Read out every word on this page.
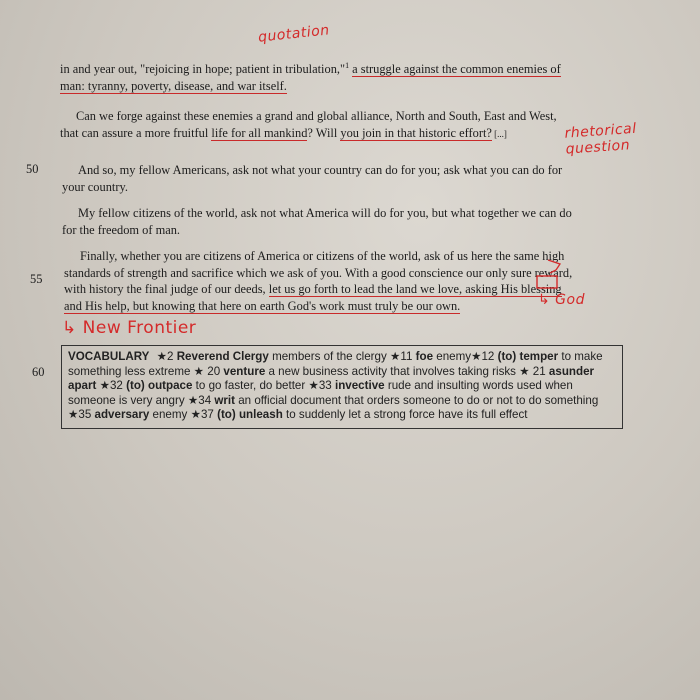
quotation
in and year out, "rejoicing in hope; patient in tribulation,"$^1$ a struggle against the common enemies of
man: tyranny, poverty, disease, and war itself.
Can we forge against these enemies a grand and global alliance, North and South, East and West,
that can assure a more fruitful life for all mankind? Will you join in that historic effort? [...]	rhetorical question
50	And so, my fellow Americans, ask not what your country can do for you; ask what you can do for
your country.
My fellow citizens of the world, ask not what America will do for you, but what together we can do
for the freedom of man.
55
Finally, whether you are citizens of America or citizens of the world, ask of us here the same high
standards of strength and sacrifice which we ask of you. With a good conscience our only sure reward,
with history the final judge of our deeds, let us go forth to lead the land we love, asking His blessing
and His help, but knowing that here on earth God's work must truly be our own.	↳ God
↳ New Frontier
60
VOCABULARY ★2 Reverend Clergy members of the clergy ★11 foe enemy★12 (to) temper to make something less extreme ★ 20 venture a new business activity that involves taking risks ★ 21 asunder apart ★32 (to) outpace to go faster, do better ★33 invective rude and insulting words used when someone is very angry ★34 writ an official document that orders someone to do or not to do something ★35 adversary enemy ★37 (to) unleash to suddenly let a strong force have its full effect
